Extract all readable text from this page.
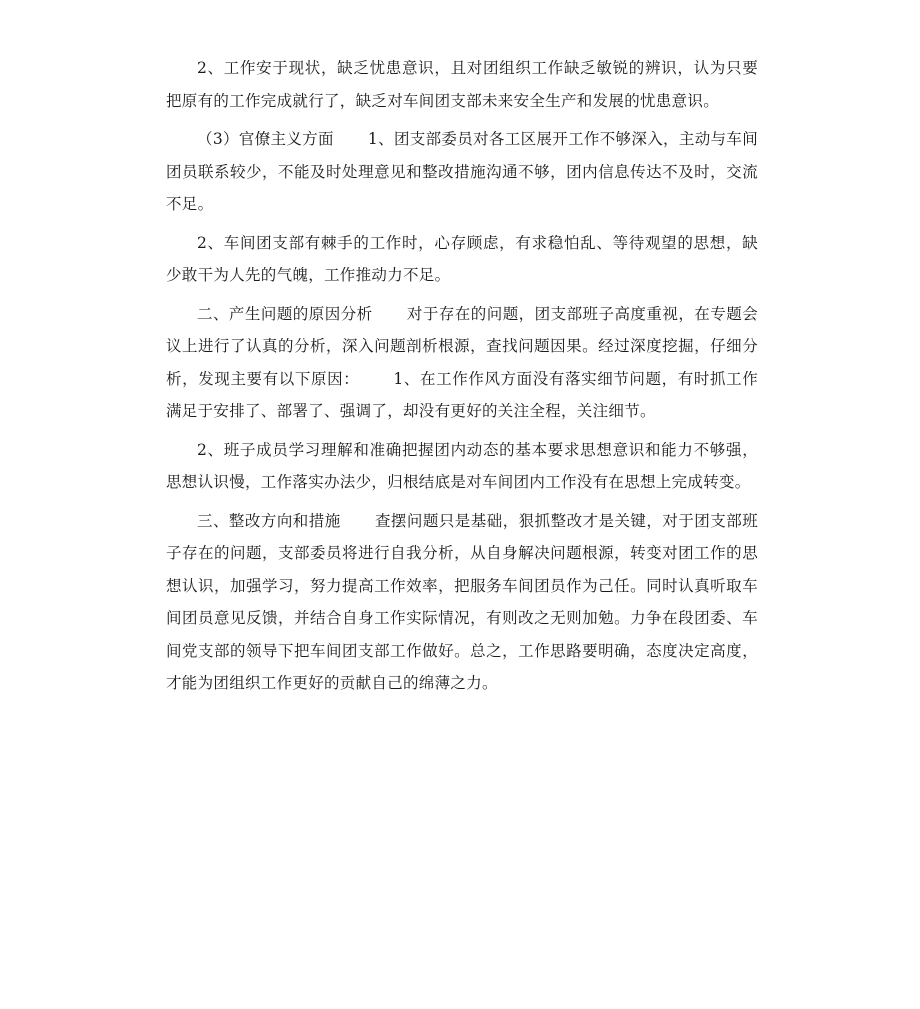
2、工作安于现状，缺乏忧患意识，且对团组织工作缺乏敏锐的辨识，认为只要把原有的工作完成就行了，缺乏对车间团支部未来安全生产和发展的忧患意识。

（3）官僚主义方面 1、团支部委员对各工区展开工作不够深入，主动与车间团员联系较少，不能及时处理意见和整改措施沟通不够，团内信息传达不及时，交流不足。

2、车间团支部有棘手的工作时，心存顾虑，有求稳怕乱、等待观望的思想，缺少敢干为人先的气魄，工作推动力不足。

二、产生问题的原因分析 对于存在的问题，团支部班子高度重视，在专题会议上进行了认真的分析，深入问题剖析根源，查找问题因果。经过深度挖掘，仔细分析，发现主要有以下原因： 1、在工作作风方面没有落实细节问题，有时抓工作满足于安排了、部署了、强调了，却没有更好的关注全程，关注细节。

2、班子成员学习理解和准确把握团内动态的基本要求思想意识和能力不够强，思想认识慢，工作落实办法少，归根结底是对车间团内工作没有在思想上完成转变。

三、整改方向和措施 查摆问题只是基础，狠抓整改才是关键，对于团支部班子存在的问题，支部委员将进行自我分析，从自身解决问题根源，转变对团工作的思想认识，加强学习，努力提高工作效率，把服务车间团员作为己任。同时认真听取车间团员意见反馈，并结合自身工作实际情况，有则改之无则加勉。力争在段团委、车间党支部的领导下把车间团支部工作做好。总之，工作思路要明确，态度决定高度，才能为团组织工作更好的贡献自己的绵薄之力。
